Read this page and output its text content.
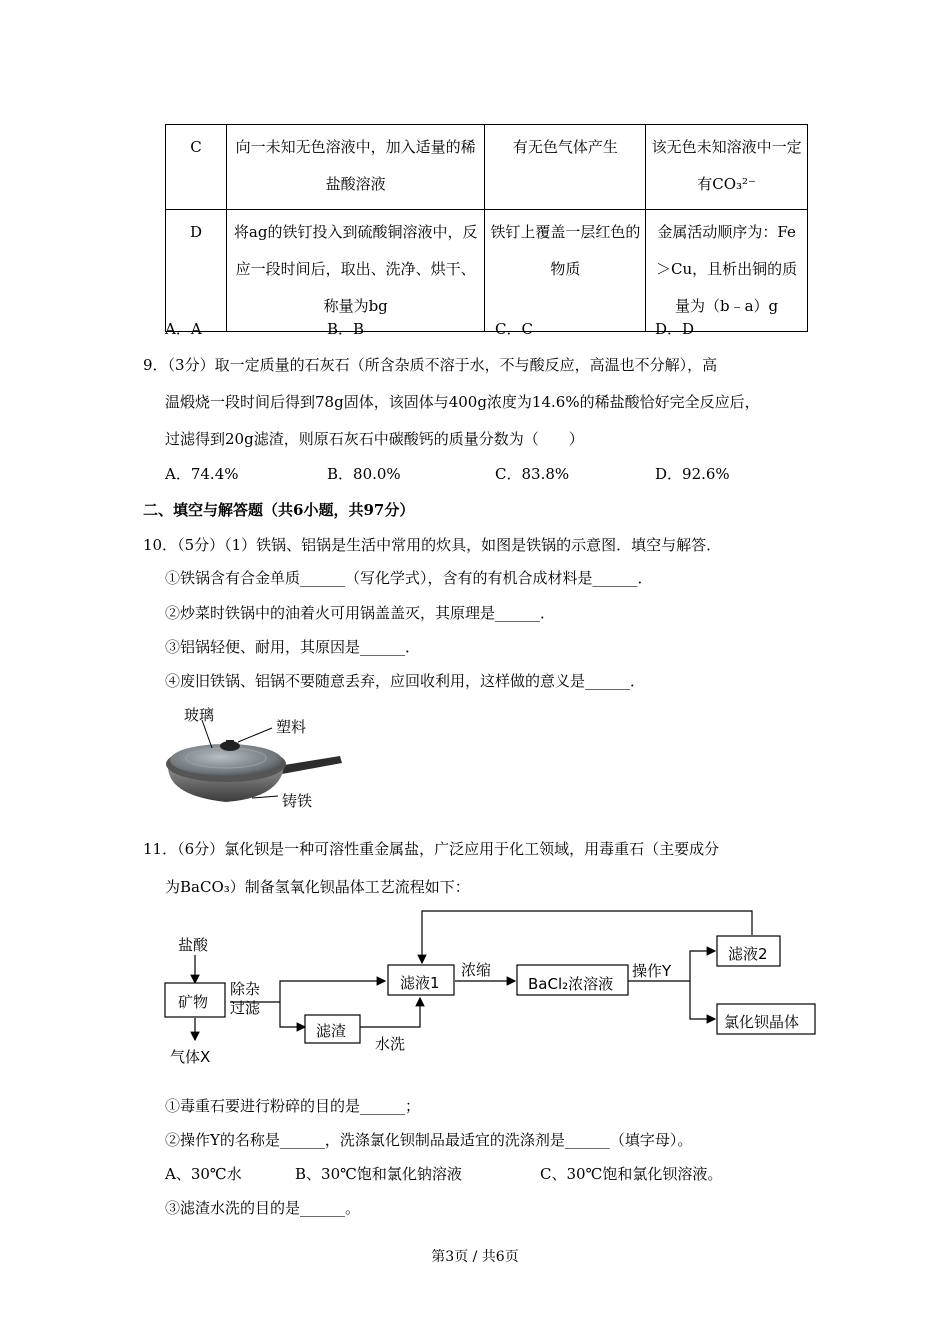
C	向一未知无色溶液中，加入适量的稀盐酸溶液	有无色气体产生	该无色未知溶液中一定有CO₃²⁻
D	将ag的铁钉投入到硫酸铜溶液中，反应一段时间后，取出、洗净、烘干、称量为bg	铁钉上覆盖一层红色的物质	金属活动顺序为：Fe＞Cu，且析出铜的质量为（b﹣a）g
A．A	B．B	C．C	D．D
9．（3分）取一定质量的石灰石（所含杂质不溶于水，不与酸反应，高温也不分解），高
温煅烧一段时间后得到78g固体，该固体与400g浓度为14.6%的稀盐酸恰好完全反应后，
过滤得到20g滤渣，则原石灰石中碳酸钙的质量分数为（　　）
A．74.4%	B．80.0%	C．83.8%	D．92.6%
二、填空与解答题（共6小题，共97分）
10．（5分）（1）铁锅、铝锅是生活中常用的炊具，如图是铁锅的示意图．填空与解答．
①铁锅含有合金单质______（写化学式），含有的有机合成材料是______．
②炒菜时铁锅中的油着火可用锅盖盖灭，其原理是______．
③铝锅轻便、耐用，其原因是______．
④废旧铁锅、铝锅不要随意丢弃，应回收利用，这样做的意义是______．
玻璃
塑料
铸铁
11．（6分）氯化钡是一种可溶性重金属盐，广泛应用于化工领域，用毒重石（主要成分
为BaCO₃）制备氢氧化钡晶体工艺流程如下：
盐酸
矿物
气体X
除杂过滤
滤液1
滤渣
水洗
浓缩
BaCl₂浓溶液
操作Y
滤液2
氯化钡晶体
①毒重石要进行粉碎的目的是______；
②操作Y的名称是______，洗涤氯化钡制品最适宜的洗涤剂是______（填字母）。
A、30℃水	B、30℃饱和氯化钠溶液	C、30℃饱和氯化钡溶液。
③滤渣水洗的目的是______。
第3页 / 共6页
